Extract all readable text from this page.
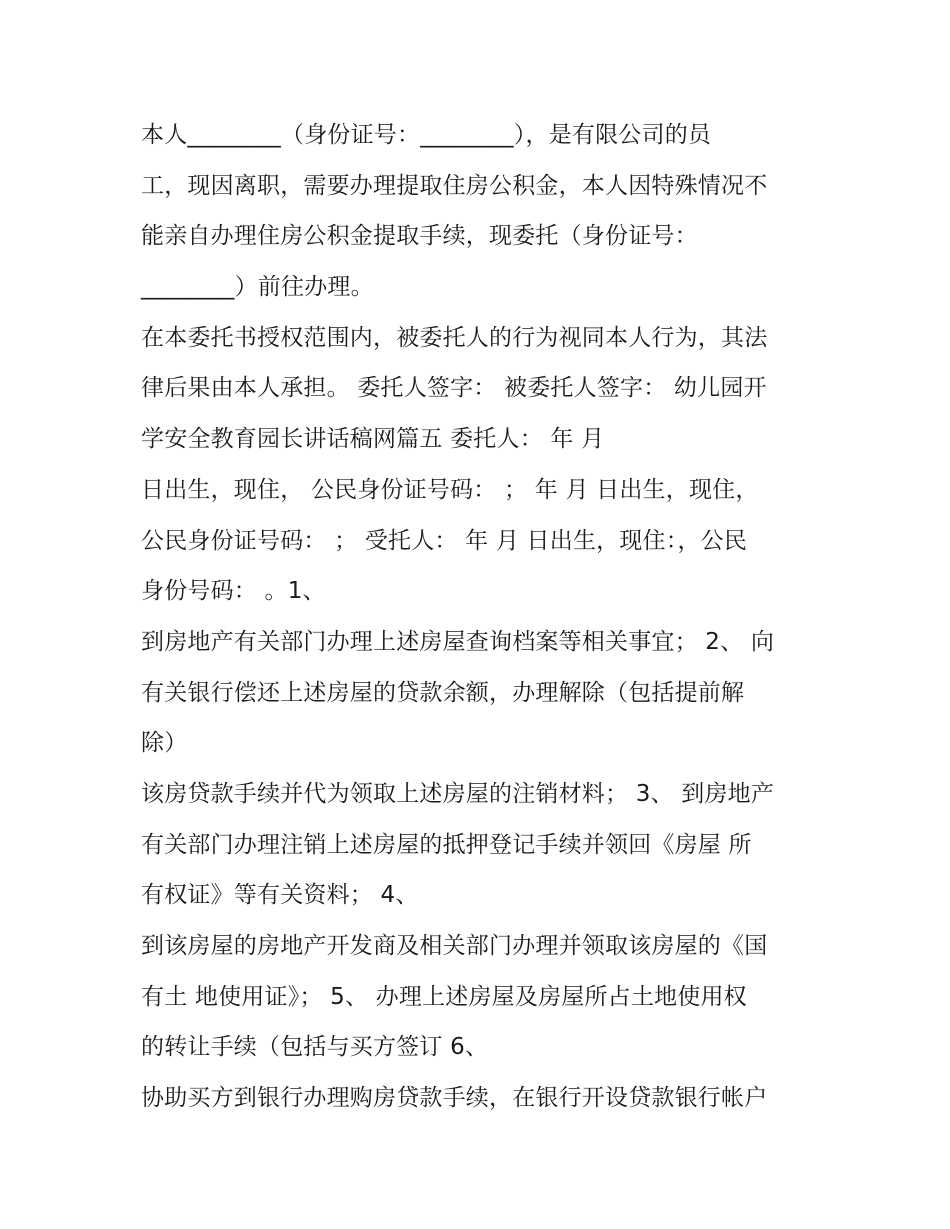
本人________（身份证号：________），是有限公司的员
工，现因离职，需要办理提取住房公积金，本人因特殊情况不
能亲自办理住房公积金提取手续，现委托（身份证号：
________）前往办理。
在本委托书授权范围内，被委托人的行为视同本人行为，其法
律后果由本人承担。 委托人签字： 被委托人签字： 幼儿园开
学安全教育园长讲话稿网篇五 委托人： 年 月
日出生，现住， 公民身份证号码： ； 年 月 日出生，现住，
公民身份证号码： ； 受托人： 年 月 日出生，现住：，公民
身份号码： 。1、
到房地产有关部门办理上述房屋查询档案等相关事宜； 2、 向
有关银行偿还上述房屋的贷款余额，办理解除（包括提前解
除）
该房贷款手续并代为领取上述房屋的注销材料； 3、 到房地产
有关部门办理注销上述房屋的抵押登记手续并领回《房屋 所
有权证》等有关资料； 4、
到该房屋的房地产开发商及相关部门办理并领取该房屋的《国
有土 地使用证》； 5、 办理上述房屋及房屋所占土地使用权
的转让手续（包括与买方签订 6、
协助买方到银行办理购房贷款手续，在银行开设贷款银行帐户
